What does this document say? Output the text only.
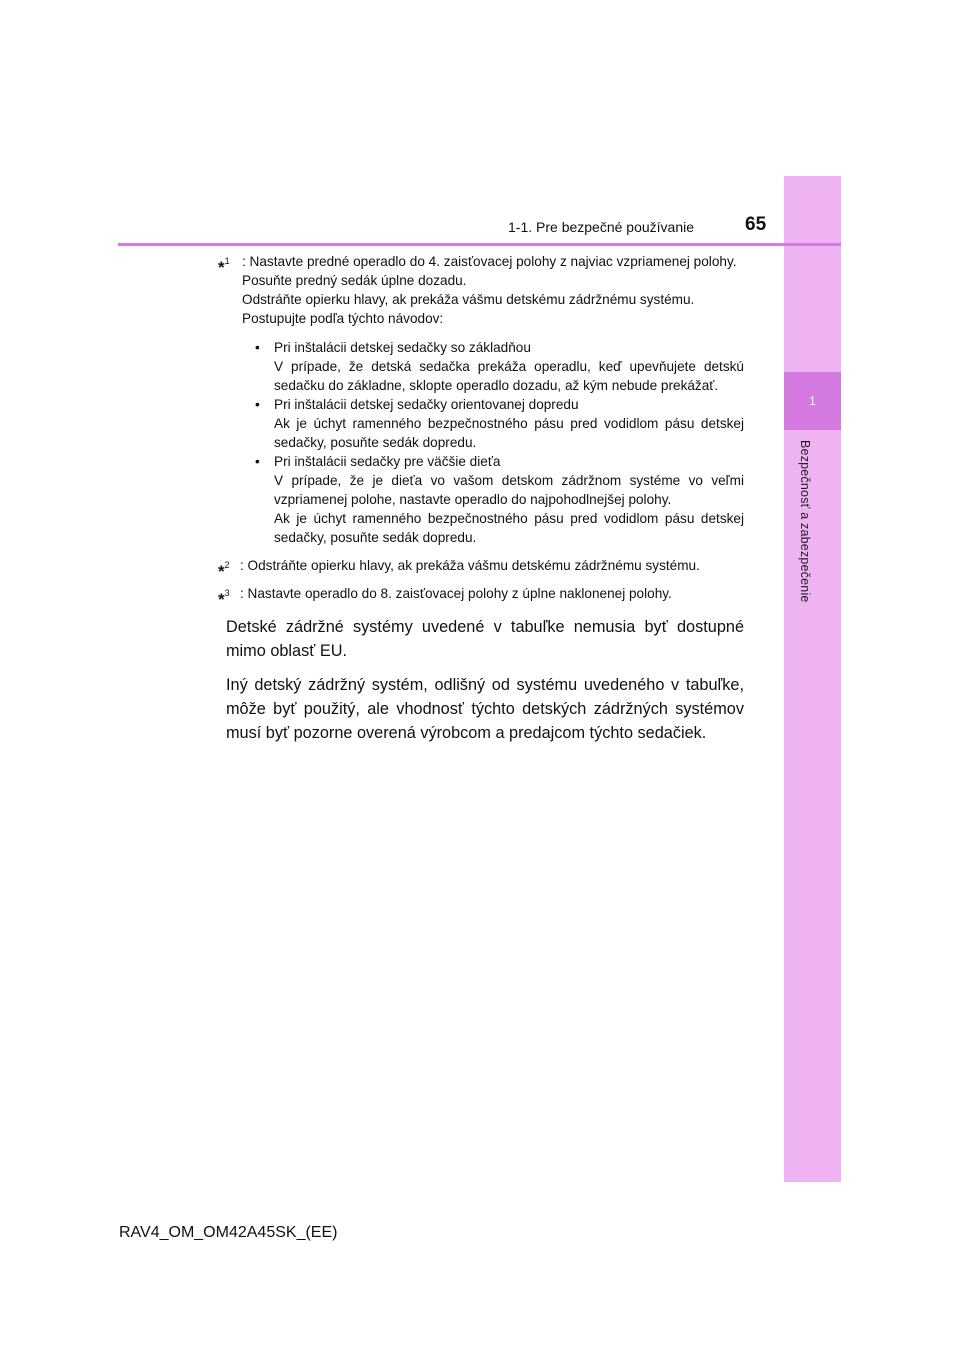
1
Bezpečnosť a zabezpečenie
1-1. Pre bezpečné používanie	65
*$^1$ : Nastavte predné operadlo do 4. zaisťovacej polohy z najviac vzpriamenej polohy.

Posuňte predný sedák úplne dozadu.

Odstráňte opierku hlavy, ak prekáža vášmu detskému zádržnému systému.

Postupujte podľa týchto návodov:

• Pri inštalácii detskej sedačky so základňou
V prípade, že detská sedačka prekáža operadlu, keď upevňujete detskú sedačku do základne, sklopte operadlo dozadu, až kým nebude prekážať.
• Pri inštalácii detskej sedačky orientovanej dopredu
Ak je úchyt ramenného bezpečnostného pásu pred vodidlom pásu detskej sedačky, posuňte sedák dopredu.
• Pri inštalácii sedačky pre väčšie dieťa
V prípade, že je dieťa vo vašom detskom zádržnom systéme vo veľmi vzpriamenej polohe, nastavte operadlo do najpohodlnejšej polohy.
Ak je úchyt ramenného bezpečnostného pásu pred vodidlom pásu detskej sedačky, posuňte sedák dopredu.
*$^2$ : Odstráňte opierku hlavy, ak prekáža vášmu detskému zádržnému systému.

*$^3$ : Nastavte operadlo do 8. zaisťovacej polohy z úplne naklonenej polohy.

Detské zádržné systémy uvedené v tabuľke nemusia byť dostupné mimo oblasť EU.

Iný detský zádržný systém, odlišný od systému uvedeného v tabuľke, môže byť použitý, ale vhodnosť týchto detských zádržných systémov musí byť pozorne overená výrobcom a predajcom týchto sedačiek.

RAV4_OM_OM42A45SK_(EE)
